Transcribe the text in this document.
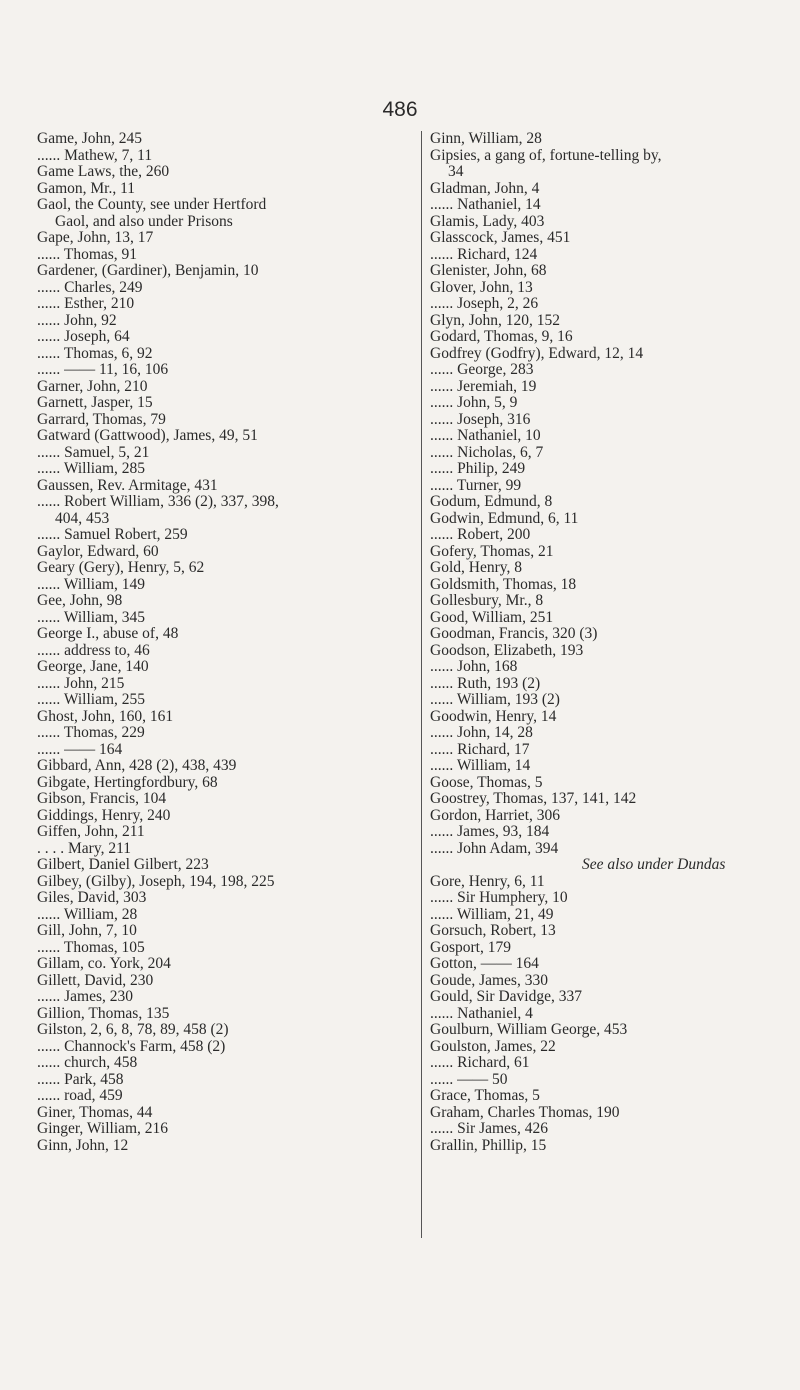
486
Game, John, 245
...... Mathew, 7, 11
Game Laws, the, 260
Gamon, Mr., 11
Gaol, the County, see under Hertford
Gaol, and also under Prisons
Gape, John, 13, 17
...... Thomas, 91
Gardener, (Gardiner), Benjamin, 10
...... Charles, 249
...... Esther, 210
...... John, 92
...... Joseph, 64
...... Thomas, 6, 92
...... —— 11, 16, 106
Garner, John, 210
Garnett, Jasper, 15
Garrard, Thomas, 79
Gatward (Gattwood), James, 49, 51
...... Samuel, 5, 21
...... William, 285
Gaussen, Rev. Armitage, 431
...... Robert William, 336 (2), 337, 398,
404, 453
...... Samuel Robert, 259
Gaylor, Edward, 60
Geary (Gery), Henry, 5, 62
...... William, 149
Gee, John, 98
...... William, 345
George I., abuse of, 48
...... address to, 46
George, Jane, 140
...... John, 215
...... William, 255
Ghost, John, 160, 161
...... Thomas, 229
...... —— 164
Gibbard, Ann, 428 (2), 438, 439
Gibgate, Hertingfordbury, 68
Gibson, Francis, 104
Giddings, Henry, 240
Giffen, John, 211
. . . . Mary, 211
Gilbert, Daniel Gilbert, 223
Gilbey, (Gilby), Joseph, 194, 198, 225
Giles, David, 303
...... William, 28
Gill, John, 7, 10
...... Thomas, 105
Gillam, co. York, 204
Gillett, David, 230
...... James, 230
Gillion, Thomas, 135
Gilston, 2, 6, 8, 78, 89, 458 (2)
...... Channock's Farm, 458 (2)
...... church, 458
...... Park, 458
...... road, 459
Giner, Thomas, 44
Ginger, William, 216
Ginn, John, 12
Ginn, William, 28
Gipsies, a gang of, fortune-telling by,
34
Gladman, John, 4
...... Nathaniel, 14
Glamis, Lady, 403
Glasscock, James, 451
...... Richard, 124
Glenister, John, 68
Glover, John, 13
...... Joseph, 2, 26
Glyn, John, 120, 152
Godard, Thomas, 9, 16
Godfrey (Godfry), Edward, 12, 14
...... George, 283
...... Jeremiah, 19
...... John, 5, 9
...... Joseph, 316
...... Nathaniel, 10
...... Nicholas, 6, 7
...... Philip, 249
...... Turner, 99
Godum, Edmund, 8
Godwin, Edmund, 6, 11
...... Robert, 200
Gofery, Thomas, 21
Gold, Henry, 8
Goldsmith, Thomas, 18
Gollesbury, Mr., 8
Good, William, 251
Goodman, Francis, 320 (3)
Goodson, Elizabeth, 193
...... John, 168
...... Ruth, 193 (2)
...... William, 193 (2)
Goodwin, Henry, 14
...... John, 14, 28
...... Richard, 17
...... William, 14
Goose, Thomas, 5
Goostrey, Thomas, 137, 141, 142
Gordon, Harriet, 306
...... James, 93, 184
...... John Adam, 394
See also under Dundas
Gore, Henry, 6, 11
...... Sir Humphery, 10
...... William, 21, 49
Gorsuch, Robert, 13
Gosport, 179
Gotton, —— 164
Goude, James, 330
Gould, Sir Davidge, 337
...... Nathaniel, 4
Goulburn, William George, 453
Goulston, James, 22
...... Richard, 61
...... —— 50
Grace, Thomas, 5
Graham, Charles Thomas, 190
...... Sir James, 426
Grallin, Phillip, 15
